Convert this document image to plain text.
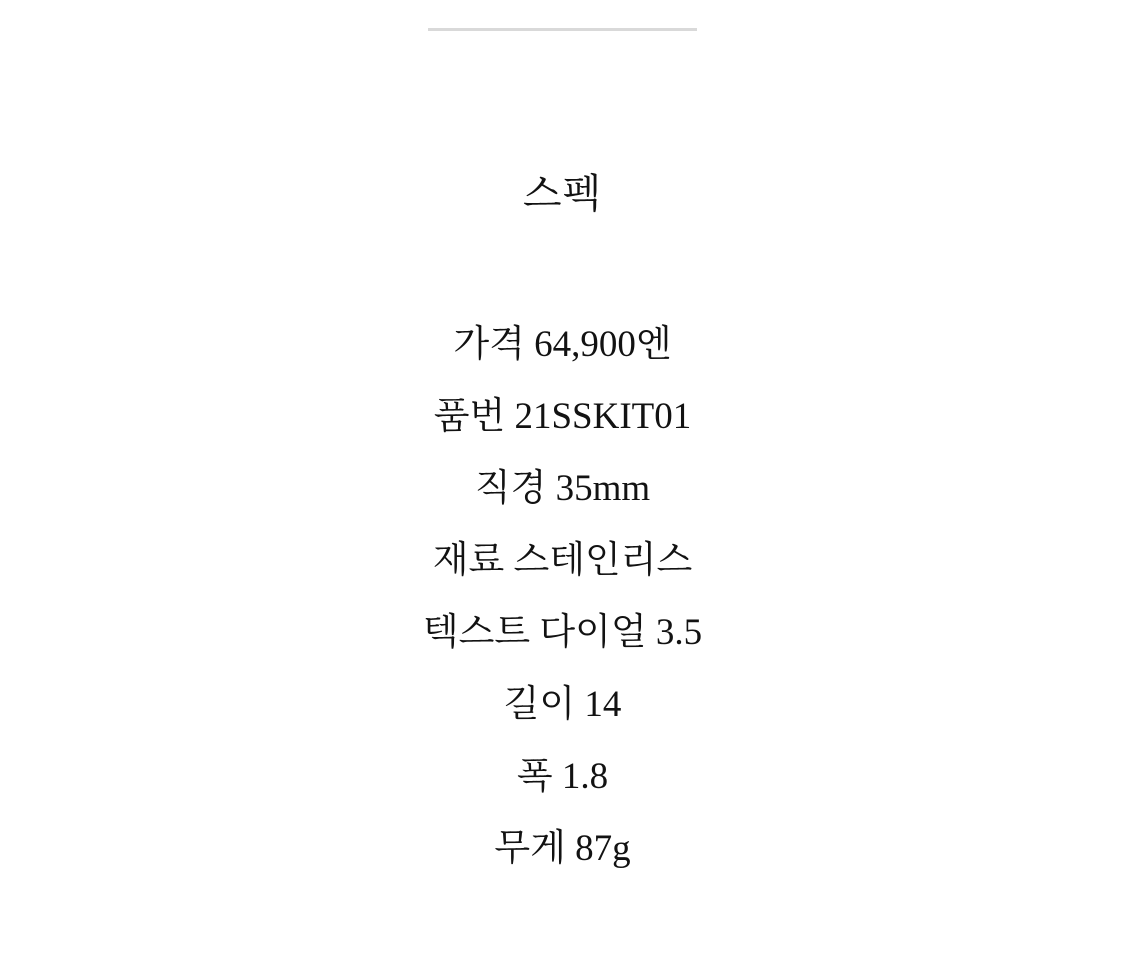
스펙

가격 64,900엔

품번 21SSKIT01

직경 35mm

재료 스테인리스

텍스트 다이얼 3.5

길이 14

폭 1.8

무게 87g
